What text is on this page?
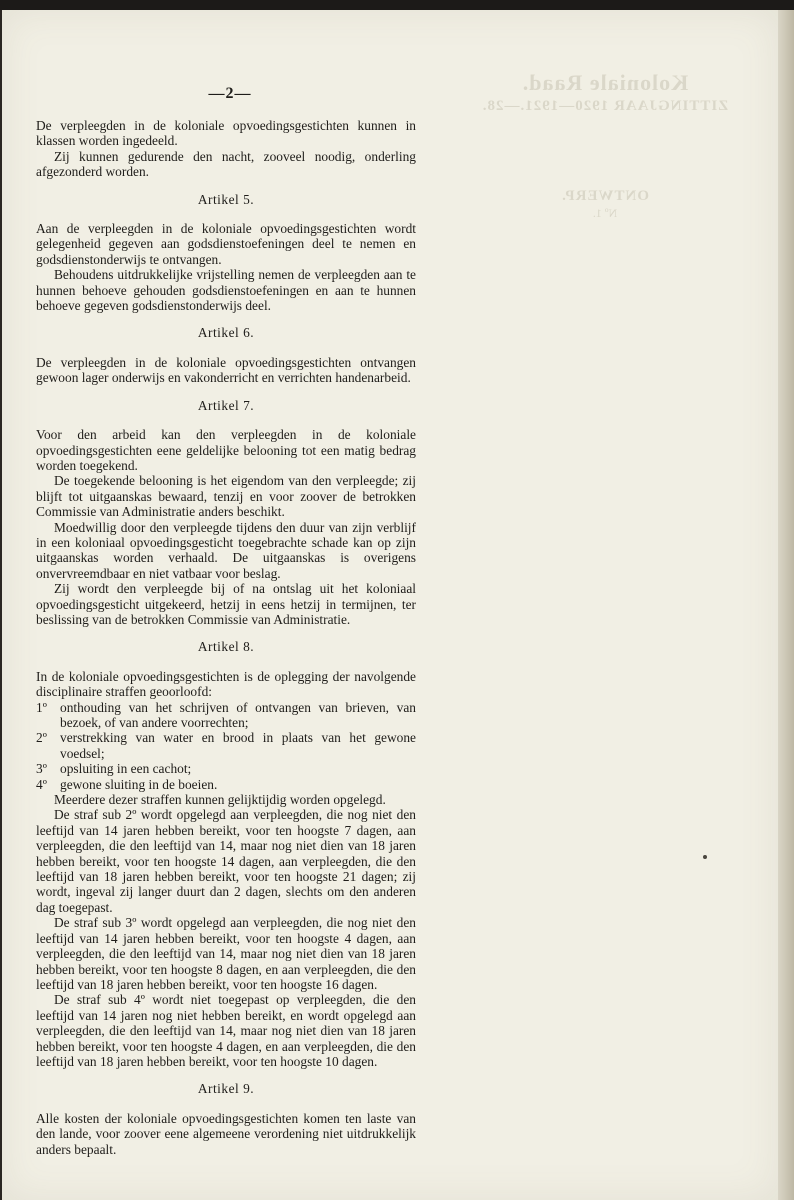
Koloniale Raad.
ZITTINGJAAR 1920—1921.—28.
ONTWERP.
Nº 1.
—2—

De verpleegden in de koloniale opvoedingsgestichten kunnen in klassen worden ingedeeld.

Zij kunnen gedurende den nacht, zooveel noodig, onderling afgezonderd worden.

Artikel 5.

Aan de verpleegden in de koloniale opvoedingsgestichten wordt gelegenheid gegeven aan godsdienstoefeningen deel te nemen en godsdienstonderwijs te ontvangen.

Behoudens uitdrukkelijke vrijstelling nemen de verpleegden aan te hunnen behoeve gehouden godsdienstoefeningen en aan te hunnen behoeve gegeven godsdienstonderwijs deel.

Artikel 6.

De verpleegden in de koloniale opvoedingsgestichten ontvangen gewoon lager onderwijs en vakonderricht en verrichten handenarbeid.

Artikel 7.

Voor den arbeid kan den verpleegden in de koloniale opvoedingsgestichten eene geldelijke belooning tot een matig bedrag worden toegekend.

De toegekende belooning is het eigendom van den verpleegde; zij blijft tot uitgaanskas bewaard, tenzij en voor zoover de betrokken Commissie van Administratie anders beschikt.

Moedwillig door den verpleegde tijdens den duur van zijn verblijf in een koloniaal opvoedingsgesticht toegebrachte schade kan op zijn uitgaanskas worden verhaald. De uitgaanskas is overigens onvervreemdbaar en niet vatbaar voor beslag.

Zij wordt den verpleegde bij of na ontslag uit het koloniaal opvoedingsgesticht uitgekeerd, hetzij in eens hetzij in termijnen, ter beslissing van de betrokken Commissie van Administratie.

Artikel 8.

In de koloniale opvoedingsgestichten is de oplegging der navolgende disciplinaire straffen geoorloofd:

1º onthouding van het schrijven of ontvangen van brieven, van bezoek, of van andere voorrechten;

2º verstrekking van water en brood in plaats van het gewone voedsel;

3º opsluiting in een cachot;

4º gewone sluiting in de boeien.

Meerdere dezer straffen kunnen gelijktijdig worden opgelegd.

De straf sub 2º wordt opgelegd aan verpleegden, die nog niet den leeftijd van 14 jaren hebben bereikt, voor ten hoogste 7 dagen, aan verpleegden, die den leeftijd van 14, maar nog niet dien van 18 jaren hebben bereikt, voor ten hoogste 14 dagen, aan verpleegden, die den leeftijd van 18 jaren hebben bereikt, voor ten hoogste 21 dagen; zij wordt, ingeval zij langer duurt dan 2 dagen, slechts om den anderen dag toegepast.

De straf sub 3º wordt opgelegd aan verpleegden, die nog niet den leeftijd van 14 jaren hebben bereikt, voor ten hoogste 4 dagen, aan verpleegden, die den leeftijd van 14, maar nog niet dien van 18 jaren hebben bereikt, voor ten hoogste 8 dagen, en aan verpleegden, die den leeftijd van 18 jaren hebben bereikt, voor ten hoogste 16 dagen.

De straf sub 4º wordt niet toegepast op verpleegden, die den leeftijd van 14 jaren nog niet hebben bereikt, en wordt opgelegd aan verpleegden, die den leeftijd van 14, maar nog niet dien van 18 jaren hebben bereikt, voor ten hoogste 4 dagen, en aan verpleegden, die den leeftijd van 18 jaren hebben bereikt, voor ten hoogste 10 dagen.

Artikel 9.

Alle kosten der koloniale opvoedingsgestichten komen ten laste van den lande, voor zoover eene algemeene verordening niet uitdrukkelijk anders bepaalt.
